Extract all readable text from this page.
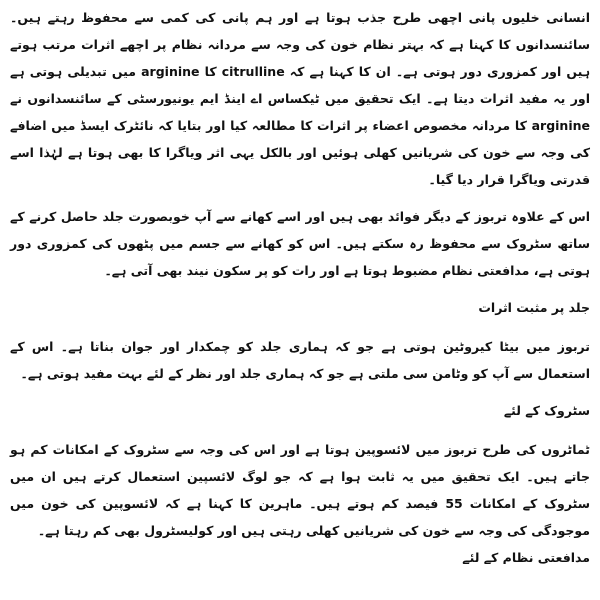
انسانی خلیوں پانی اچھی طرح جذب ہوتا ہے اور ہم پانی کی کمی سے محفوظ رہتے ہیں۔ سائنسدانوں کا کہنا ہے کہ بہتر نظام خون کی وجہ سے مردانہ نظام پر اچھے اثرات مرتب ہوتے ہیں اور کمزوری دور ہوتی ہے۔ ان کا کہنا ہے کہ citrulline کا arginine میں تبدیلی ہوتی ہے اور یہ مفید اثرات دیتا ہے۔ ایک تحقیق میں ٹیکساس اے اینڈ ایم یونیورسٹی کے سائنسدانوں نے arginine کا مردانہ مخصوص اعضاء پر اثرات کا مطالعہ کیا اور بتایا کہ نائٹرک ایسڈ میں اضافے کی وجہ سے خون کی شریانیں کھلی ہوئیں اور بالکل یہی اثر ویاگرا کا بھی ہوتا ہے لہٰذا اسے قدرتی ویاگرا قرار دیا گیا۔

اس کے علاوہ تربوز کے دیگر فوائد بھی ہیں اور اسے کھانے سے آپ خوبصورت جلد حاصل کرنے کے ساتھ سٹروک سے محفوظ رہ سکتے ہیں۔ اس کو کھانے سے جسم میں پٹھوں کی کمزوری دور ہوتی ہے، مدافعتی نظام مضبوط ہوتا ہے اور رات کو پر سکون نیند بھی آتی ہے۔

جلد پر مثبت اثرات

تربوز میں بیٹا کیروٹین ہوتی ہے جو کہ ہماری جلد کو چمکدار اور جوان بناتا ہے۔ اس کے استعمال سے آپ کو وٹامن سی ملتی ہے جو کہ ہماری جلد اور نظر کے لئے بہت مفید ہوتی ہے۔

سٹروک کے لئے

ٹماٹروں کی طرح تربوز میں لائسوپین ہوتا ہے اور اس کی وجہ سے سٹروک کے امکانات کم ہو جاتے ہیں۔ ایک تحقیق میں یہ ثابت ہوا ہے کہ جو لوگ لائسپین استعمال کرتے ہیں ان میں سٹروک کے امکانات 55 فیصد کم ہوتے ہیں۔ ماہرین کا کہنا ہے کہ لائسوپین کی خون میں موجودگی کی وجہ سے خون کی شریانیں کھلی رہتی ہیں اور کولیسٹرول بھی کم رہتا ہے۔

مدافعتی نظام کے لئے
